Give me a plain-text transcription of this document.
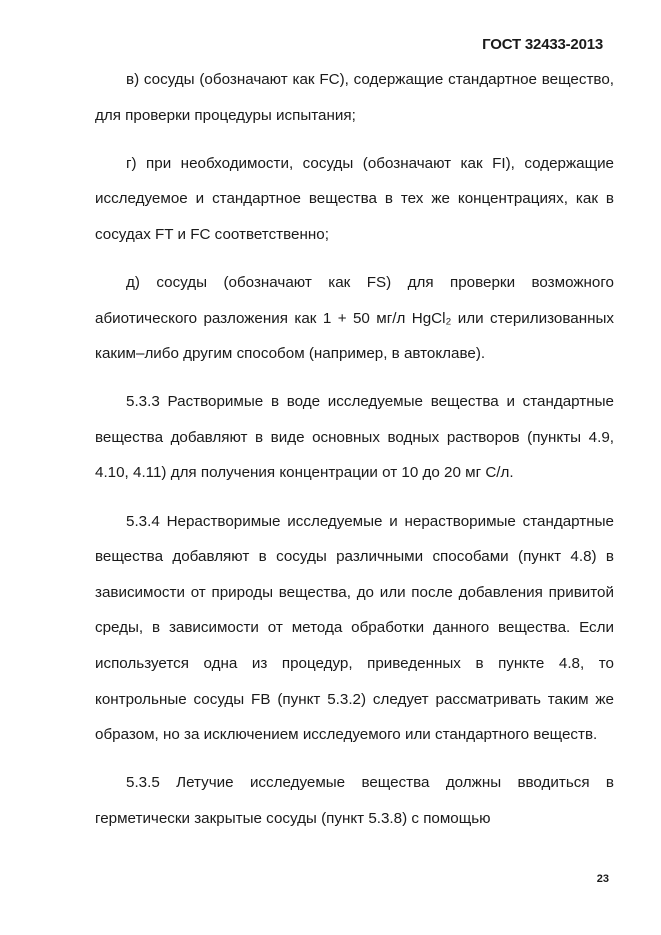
ГОСТ 32433-2013

в) сосуды (обозначают как FC), содержащие стандартное вещество, для проверки процедуры испытания;

г) при необходимости, сосуды (обозначают как FI), содержащие исследуемое и стандартное вещества в тех же концентрациях, как в сосудах FT и FC соответственно;

д) сосуды (обозначают как FS) для проверки возможного абиотического разложения как 1 + 50 мг/л HgCl₂ или стерилизованных каким–либо другим способом (например, в автоклаве).

5.3.3 Растворимые в воде исследуемые вещества и стандартные вещества добавляют в виде основных водных растворов (пункты 4.9, 4.10, 4.11) для получения концентрации от 10 до 20 мг С/л.

5.3.4 Нерастворимые исследуемые и нерастворимые стандартные вещества добавляют в сосуды различными способами (пункт 4.8) в зависимости от природы вещества, до или после добавления привитой среды, в зависимости от метода обработки данного вещества. Если используется одна из процедур, приведенных в пункте 4.8, то контрольные сосуды FB (пункт 5.3.2) следует рассматривать таким же образом, но за исключением исследуемого или стандартного веществ.

5.3.5 Летучие исследуемые вещества должны вводиться в герметически закрытые сосуды (пункт 5.3.8) с помощью

23
